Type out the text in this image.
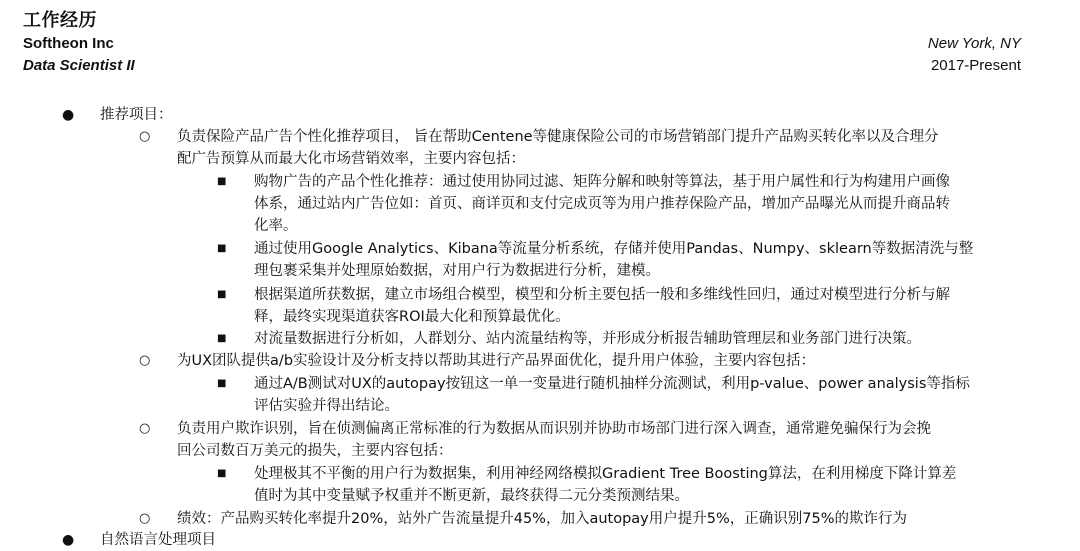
工作经历
Softheon Inc
Data Scientist II
New York, NY
2017-Present
● 推荐项目：
○ 负责保险产品广告个性化推荐项目， 旨在帮助Centene等健康保险公司的市场营销部门提升产品购买转化率以及合理分
配广告预算从而最大化市场营销效率，主要内容包括：
■ 购物广告的产品个性化推荐：通过使用协同过滤、矩阵分解和映射等算法，基于用户属性和行为构建用户画像
体系，通过站内广告位如：首页、商详页和支付完成页等为用户推荐保险产品，增加产品曝光从而提升商品转
化率。
■ 通过使用Google Analytics、Kibana等流量分析系统，存储并使用Pandas、Numpy、sklearn等数据清洗与整
理包裹采集并处理原始数据，对用户行为数据进行分析，建模。
■ 根据渠道所获数据，建立市场组合模型，模型和分析主要包括一般和多维线性回归，通过对模型进行分析与解
释，最终实现渠道获客ROI最大化和预算最优化。
■ 对流量数据进行分析如，人群划分、站内流量结构等，并形成分析报告辅助管理层和业务部门进行决策。
○ 为UX团队提供a/b实验设计及分析支持以帮助其进行产品界面优化，提升用户体验，主要内容包括：
■ 通过A/B测试对UX的autopay按钮这一单一变量进行随机抽样分流测试，利用p-value、power analysis等指标
评估实验并得出结论。
○ 负责用户欺诈识别，旨在侦测偏离正常标准的行为数据从而识别并协助市场部门进行深入调查，通常避免骗保行为会挽
回公司数百万美元的损失，主要内容包括：
■ 处理极其不平衡的用户行为数据集，利用神经网络模拟Gradient Tree Boosting算法，在利用梯度下降计算差
值时为其中变量赋予权重并不断更新，最终获得二元分类预测结果。
○ 绩效：产品购买转化率提升20%，站外广告流量提升45%，加入autopay用户提升5%，正确识别75%的欺诈行为
● 自然语言处理项目
